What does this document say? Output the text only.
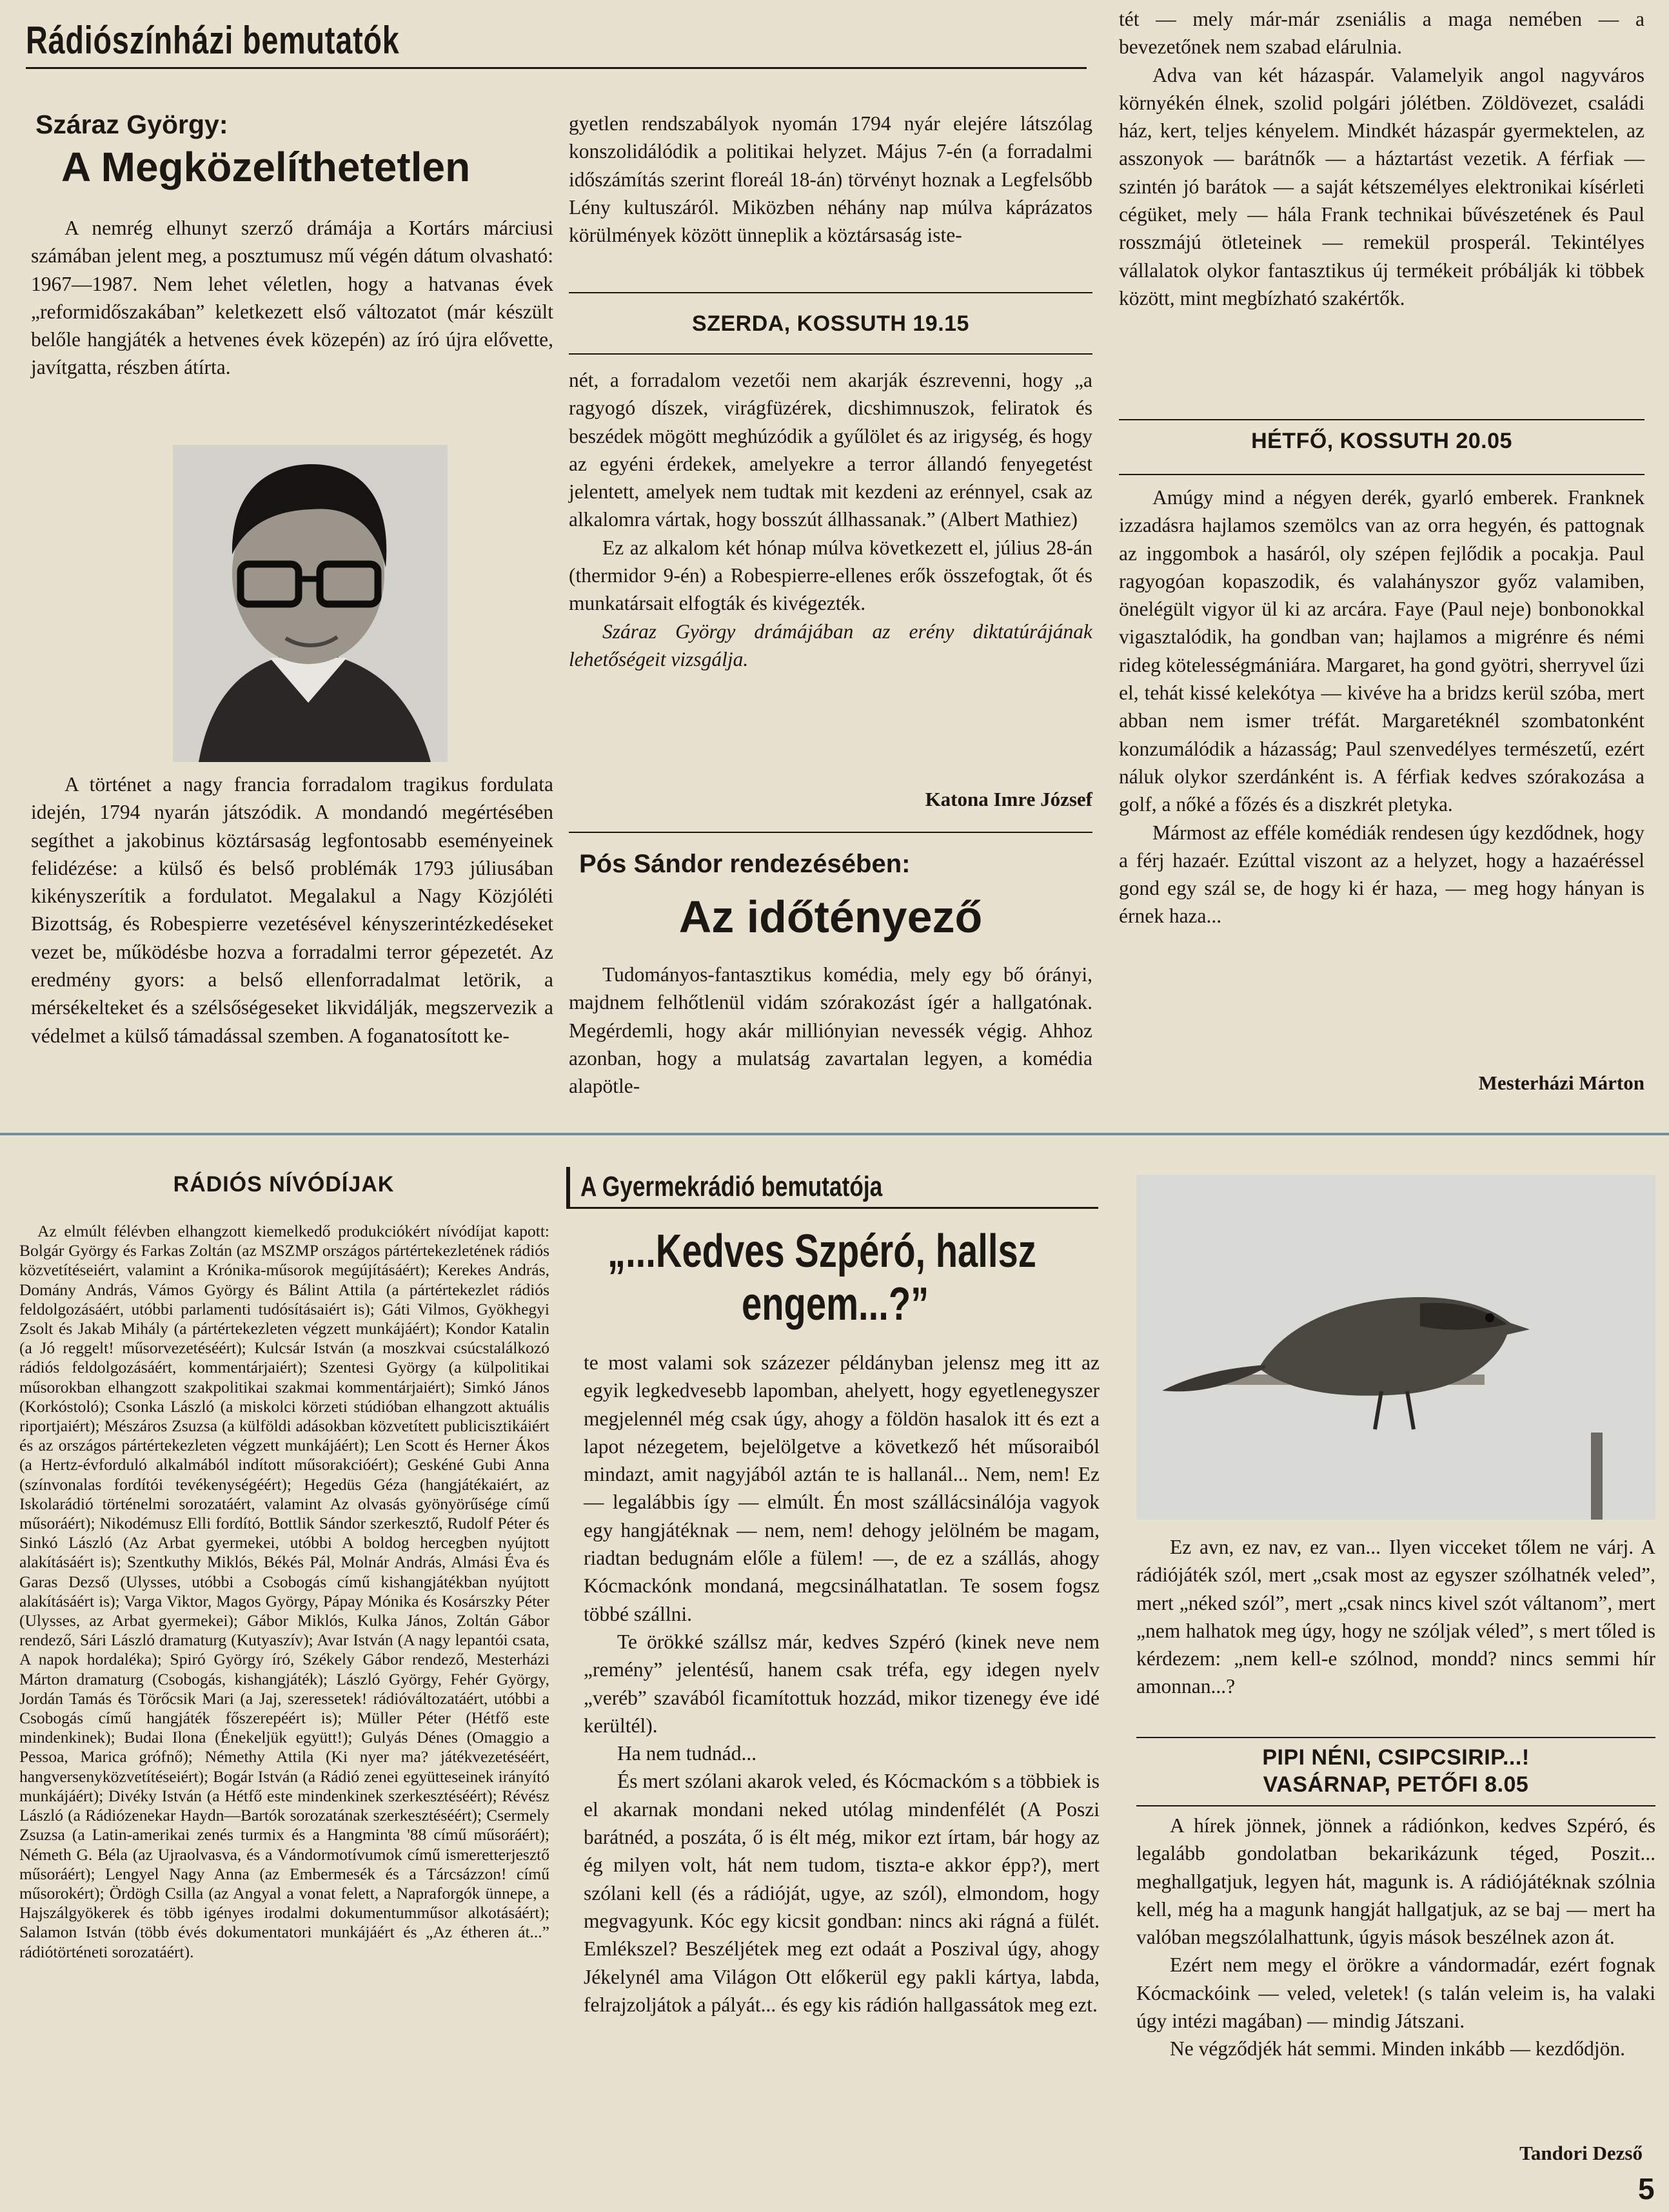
Rádiószínházi bemutatók
Száraz György:
A Megközelíthetetlen

A nemrég elhunyt szerző drámája a Kortárs márciusi számában jelent meg, a posztumusz mű végén dátum olvasható: 1967—1987. Nem lehet véletlen, hogy a hatvanas évek „reformidőszakában” keletkezett első változatot (már készült belőle hangjáték a hetvenes évek közepén) az író újra elővette, javítgatta, részben átírta.

A történet a nagy francia forradalom tragikus fordulata idején, 1794 nyarán játszódik. A mondandó megértésében segíthet a jakobinus köztársaság legfontosabb eseményeinek felidézése: a külső és belső problémák 1793 júliusában kikényszerítik a fordulatot. Megalakul a Nagy Közjóléti Bizottság, és Robespierre vezetésével kényszerintézkedéseket vezet be, működésbe hozva a forradalmi terror gépezetét. Az eredmény gyors: a belső ellenforradalmat letörik, a mérsékelteket és a szélsőségeseket likvidálják, megszervezik a védelmet a külső támadással szemben. A foganatosított ke-

gyetlen rendszabályok nyomán 1794 nyár elejére látszólag konszolidálódik a politikai helyzet. Május 7-én (a forradalmi időszámítás szerint floreál 18-án) törvényt hoznak a Legfelsőbb Lény kultuszáról. Miközben néhány nap múlva káprázatos körülmények között ünneplik a köztársaság iste-

SZERDA, KOSSUTH 19.15

nét, a forradalom vezetői nem akarják észrevenni, hogy „a ragyogó díszek, virágfüzérek, dicshimnuszok, feliratok és beszédek mögött meghúzódik a gyűlölet és az irigység, és hogy az egyéni érdekek, amelyekre a terror állandó fenyegetést jelentett, amelyek nem tudtak mit kezdeni az erénnyel, csak az alkalomra vártak, hogy bosszút állhassanak.” (Albert Mathiez)

Ez az alkalom két hónap múlva következett el, július 28-án (thermidor 9-én) a Robespierre-ellenes erők összefogtak, őt és munkatársait elfogták és kivégezték.

Száraz György drámájában az erény diktatúrájának lehetőségeit vizsgálja.

Katona Imre József
Pós Sándor rendezésében:
Az időtényező

Tudományos-fantasztikus komédia, mely egy bő órányi, majdnem felhőtlenül vidám szórakozást ígér a hallgatónak. Megérdemli, hogy akár milliónyian nevessék végig. Ahhoz azonban, hogy a mulatság zavartalan legyen, a komédia alapötle-

tét — mely már-már zseniális a maga nemében — a bevezetőnek nem szabad elárulnia.

Adva van két házaspár. Valamelyik angol nagyváros környékén élnek, szolid polgári jólétben. Zöldövezet, családi ház, kert, teljes kényelem. Mindkét házaspár gyermektelen, az asszonyok — barátnők — a háztartást vezetik. A férfiak — szintén jó barátok — a saját kétszemélyes elektronikai kísérleti cégüket, mely — hála Frank technikai bűvészetének és Paul rosszmájú ötleteinek — remekül prosperál. Tekintélyes vállalatok olykor fantasztikus új termékeit próbálják ki többek között, mint megbízható szakértők.

HÉTFŐ, KOSSUTH 20.05

Amúgy mind a négyen derék, gyarló emberek. Franknek izzadásra hajlamos szemölcs van az orra hegyén, és pattognak az inggombok a hasáról, oly szépen fejlődik a pocakja. Paul ragyogóan kopaszodik, és valahányszor győz valamiben, önelégült vigyor ül ki az arcára. Faye (Paul neje) bonbonokkal vigasztalódik, ha gondban van; hajlamos a migrénre és némi rideg kötelességmániára. Margaret, ha gond gyötri, sherryvel űzi el, tehát kissé kelekótya — kivéve ha a bridzs kerül szóba, mert abban nem ismer tréfát. Margaretéknél szombatonként konzumálódik a házasság; Paul szenvedélyes természetű, ezért náluk olykor szerdánként is. A férfiak kedves szórakozása a golf, a nőké a főzés és a diszkrét pletyka.

Mármost az efféle komédiák rendesen úgy kezdődnek, hogy a férj hazaér. Ezúttal viszont az a helyzet, hogy a hazaéréssel gond egy szál se, de hogy ki ér haza, — meg hogy hányan is érnek haza...

Mesterházi Márton
RÁDIÓS NÍVÓDÍJAK

Az elmúlt félévben elhangzott kiemelkedő produkciókért nívódíjat kapott: Bolgár György és Farkas Zoltán (az MSZMP országos pártértekezletének rádiós közvetítéseiért, valamint a Krónika-műsorok megújításáért); Kerekes András, Domány András, Vámos György és Bálint Attila (a pártértekezlet rádiós feldolgozásáért, utóbbi parlamenti tudósításaiért is); Gáti Vilmos, Gyökhegyi Zsolt és Jakab Mihály (a pártértekezleten végzett munkájáért); Kondor Katalin (a Jó reggelt! műsorvezetéséért); Kulcsár István (a moszkvai csúcstalálkozó rádiós feldolgozásáért, kommentárjaiért); Szentesi György (a külpolitikai műsorokban elhangzott szakpolitikai szakmai kommentárjaiért); Simkó János (Korkóstoló); Csonka László (a miskolci körzeti stúdióban elhangzott aktuális riportjaiért); Mészáros Zsuzsa (a külföldi adásokban közvetített publicisztikáiért és az országos pártértekezleten végzett munkájáért); Len Scott és Herner Ákos (a Hertz-évforduló alkalmából indított műsorakcióért); Geskéné Gubi Anna (színvonalas fordítói tevékenységéért); Hegedüs Géza (hangjátékaiért, az Iskolarádió történelmi sorozatáért, valamint Az olvasás gyönyörűsége című műsoráért); Nikodémusz Elli fordító, Bottlik Sándor szerkesztő, Rudolf Péter és Sinkó László (Az Arbat gyermekei, utóbbi A boldog hercegben nyújtott alakításáért is); Szentkuthy Miklós, Békés Pál, Molnár András, Almási Éva és Garas Dezső (Ulysses, utóbbi a Csobogás című kishangjátékban nyújtott alakításáért is); Varga Viktor, Magos György, Pápay Mónika és Kosárszky Péter (Ulysses, az Arbat gyermekei); Gábor Miklós, Kulka János, Zoltán Gábor rendező, Sári László dramaturg (Kutyaszív); Avar István (A nagy lepantói csata, A napok hordaléka); Spiró György író, Székely Gábor rendező, Mesterházi Márton dramaturg (Csobogás, kishangjáték); László György, Fehér György, Jordán Tamás és Törőcsik Mari (a Jaj, szeressetek! rádióváltozatáért, utóbbi a Csobogás című hangjáték főszerepéért is); Müller Péter (Hétfő este mindenkinek); Budai Ilona (Énekeljük együtt!); Gulyás Dénes (Omaggio a Pessoa, Marica grófnő); Némethy Attila (Ki nyer ma? játékvezetéséért, hangversenyközvetítéseiért); Bogár István (a Rádió zenei együtteseinek irányító munkájáért); Divéky István (a Hétfő este mindenkinek szerkesztéséért); Révész László (a Rádiózenekar Haydn—Bartók sorozatának szerkesztéséért); Csermely Zsuzsa (a Latin-amerikai zenés turmix és a Hangminta '88 című műsoráért); Németh G. Béla (az Ujraolvasva, és a Vándormotívumok című ismeretterjesztő műsoráért); Lengyel Nagy Anna (az Embermesék és a Tárcsázzon! című műsorokért); Ördögh Csilla (az Angyal a vonat felett, a Napraforgók ünnepe, a Hajszálgyökerek és több igényes irodalmi dokumentumműsor alkotásáért); Salamon István (több évés dokumentatori munkájáért és „Az étheren át...” rádiótörténeti sorozatáért).

A Gyermekrádió bemutatója
„...Kedves Szpéró, hallsz
engem...?”

te most valami sok százezer példányban jelensz meg itt az egyik legkedvesebb lapomban, ahelyett, hogy egyetlenegyszer megjelennél még csak úgy, ahogy a földön hasalok itt és ezt a lapot nézegetem, bejelölgetve a következő hét műsoraiból mindazt, amit nagyjából aztán te is hallanál... Nem, nem! Ez — legalábbis így — elmúlt. Én most szállácsinálója vagyok egy hangjátéknak — nem, nem! dehogy jelölném be magam, riadtan bedugnám előle a fülem! —, de ez a szállás, ahogy Kócmackónk mondaná, megcsinálhatatlan. Te sosem fogsz többé szállni.

Te örökké szállsz már, kedves Szpéró (kinek neve nem „remény” jelentésű, hanem csak tréfa, egy idegen nyelv „veréb” szavából ficamítottuk hozzád, mikor tizenegy éve idé kerültél).

Ha nem tudnád...

És mert szólani akarok veled, és Kócmackóm s a többiek is el akarnak mondani neked utólag mindenfélét (A Poszi barátnéd, a poszáta, ő is élt még, mikor ezt írtam, bár hogy az ég milyen volt, hát nem tudom, tiszta-e akkor épp?), mert szólani kell (és a rádióját, ugye, az szól), elmondom, hogy megvagyunk. Kóc egy kicsit gondban: nincs aki rágná a fülét. Emlékszel? Beszéljétek meg ezt odaát a Poszival úgy, ahogy Jékelynél ama Világon Ott előkerül egy pakli kártya, labda, felrajzoljátok a pályát... és egy kis rádión hallgassátok meg ezt.

Ez avn, ez nav, ez van... Ilyen vicceket tőlem ne várj. A rádiójáték szól, mert „csak most az egyszer szólhatnék veled”, mert „néked szól”, mert „csak nincs kivel szót váltanom”, mert „nem halhatok meg úgy, hogy ne szóljak véled”, s mert tőled is kérdezem: „nem kell-e szólnod, mondd? nincs semmi hír amonnan...?

PIPI NÉNI, CSIPCSIRIP...!
VASÁRNAP, PETŐFI 8.05

A hírek jönnek, jönnek a rádiónkon, kedves Szpéró, és legalább gondolatban bekarikázunk téged, Poszit... meghallgatjuk, legyen hát, magunk is. A rádiójátéknak szólnia kell, még ha a magunk hangját hallgatjuk, az se baj — mert ha valóban megszólalhattunk, úgyis mások beszélnek azon át.

Ezért nem megy el örökre a vándormadár, ezért fognak Kócmackóink — veled, veletek! (s talán veleim is, ha valaki úgy intézi magában) — mindig Játszani.

Ne végződjék hát semmi. Minden inkább — kezdődjön.

Tandori Dezső
5
